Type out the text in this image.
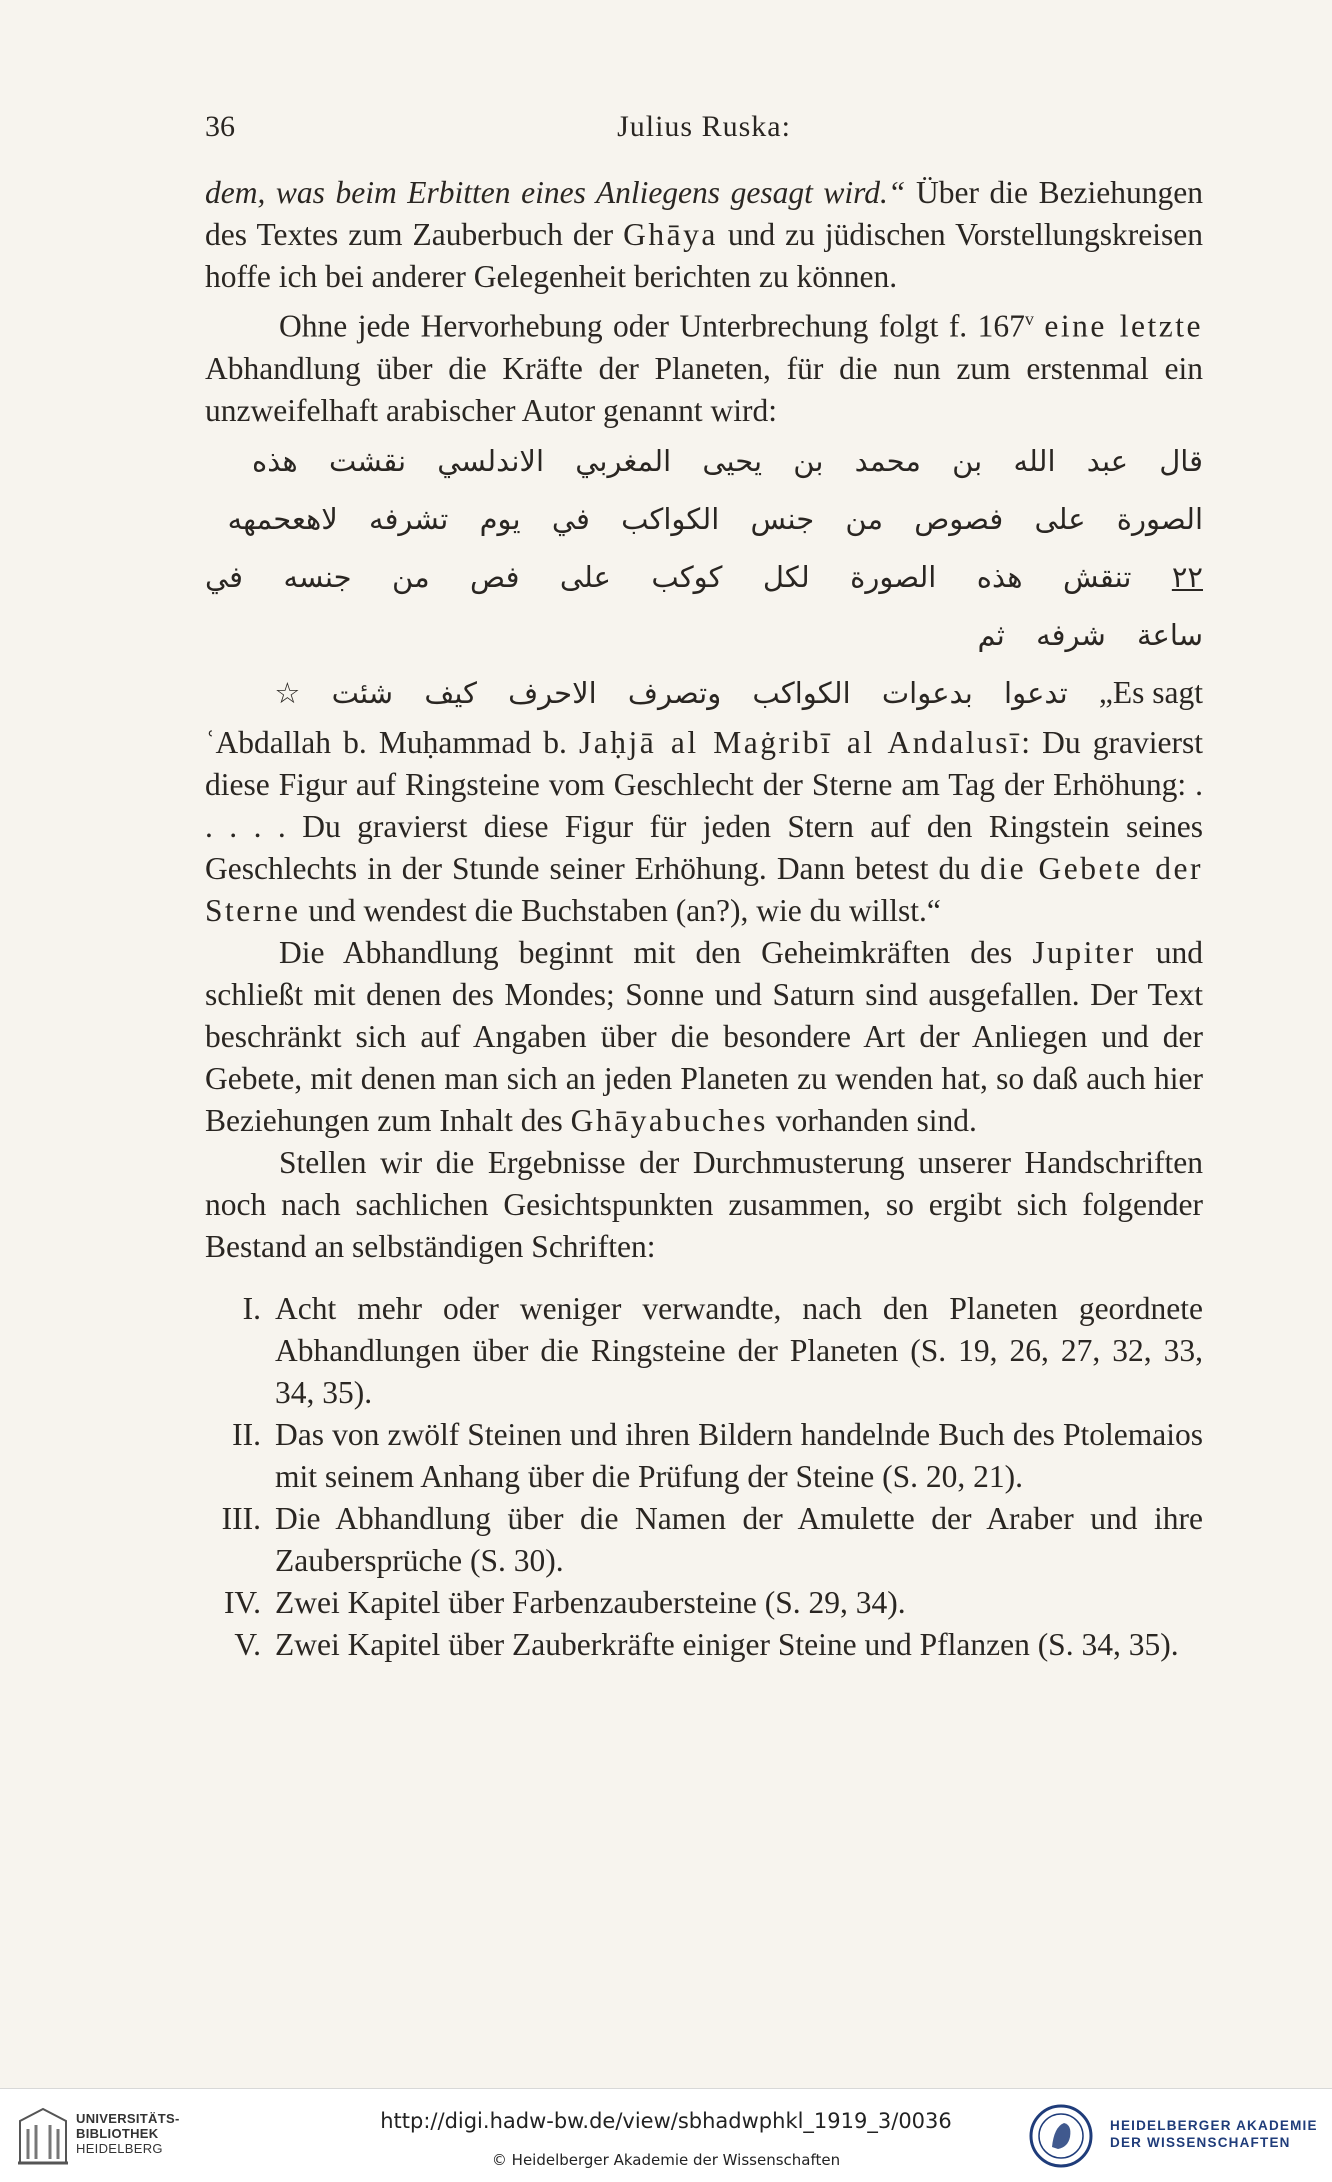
36	Julius Ruska:

dem, was beim Erbitten eines Anliegens gesagt wird.“ Über die Beziehungen des Textes zum Zauberbuch der Ghāya und zu jüdischen Vorstellungskreisen hoffe ich bei anderer Gelegenheit berichten zu können.

Ohne jede Hervorhebung oder Unterbrechung folgt f. 167$^v$ eine letzte Abhandlung über die Kräfte der Planeten, für die nun zum erstenmal ein unzweifelhaft arabischer Autor genannt wird:

قال عبد الله بن محمد بن يحيى المغربي الاندلسي نقشت هذه
الصورة على فصوص من جنس الكواكب في يوم تشرفه لاهعحمهه
٢٢ تنقش هذه الصورة لكل كوكب على فص من جنسه في ساعة شرفه ثم
„Es sagt تدعوا بدعوات الكواكب وتصرف الاحرف كيف شئت ☆

ʿAbdallah b. Muḥammad b. Jaḥjā al Maġribī al Andalusī: Du gravierst diese Figur auf Ringsteine vom Geschlecht der Sterne am Tag der Erhöhung: . . . . . Du gravierst diese Figur für jeden Stern auf den Ringstein seines Geschlechts in der Stunde seiner Erhöhung. Dann betest du die Gebete der Sterne und wendest die Buchstaben (an?), wie du willst.“

Die Abhandlung beginnt mit den Geheimkräften des Jupiter und schließt mit denen des Mondes; Sonne und Saturn sind ausgefallen. Der Text beschränkt sich auf Angaben über die besondere Art der Anliegen und der Gebete, mit denen man sich an jeden Planeten zu wenden hat, so daß auch hier Beziehungen zum Inhalt des Ghāyabuches vorhanden sind.

Stellen wir die Ergebnisse der Durchmusterung unserer Handschriften noch nach sachlichen Gesichtspunkten zusammen, so ergibt sich folgender Bestand an selbständigen Schriften:

I. Acht mehr oder weniger verwandte, nach den Planeten geordnete Abhandlungen über die Ringsteine der Planeten (S. 19, 26, 27, 32, 33, 34, 35).
II. Das von zwölf Steinen und ihren Bildern handelnde Buch des Ptolemaios mit seinem Anhang über die Prüfung der Steine (S. 20, 21).
III. Die Abhandlung über die Namen der Amulette der Araber und ihre Zaubersprüche (S. 30).
IV. Zwei Kapitel über Farbenzaubersteine (S. 29, 34).
V. Zwei Kapitel über Zauberkräfte einiger Steine und Pflanzen (S. 34, 35).
UNIVERSITÄTS-
BIBLIOTHEK
HEIDELBERG
http://digi.hadw-bw.de/view/sbhadwphkl_1919_3/0036
© Heidelberger Akademie der Wissenschaften
HEIDELBERGER AKADEMIE
DER WISSENSCHAFTEN
